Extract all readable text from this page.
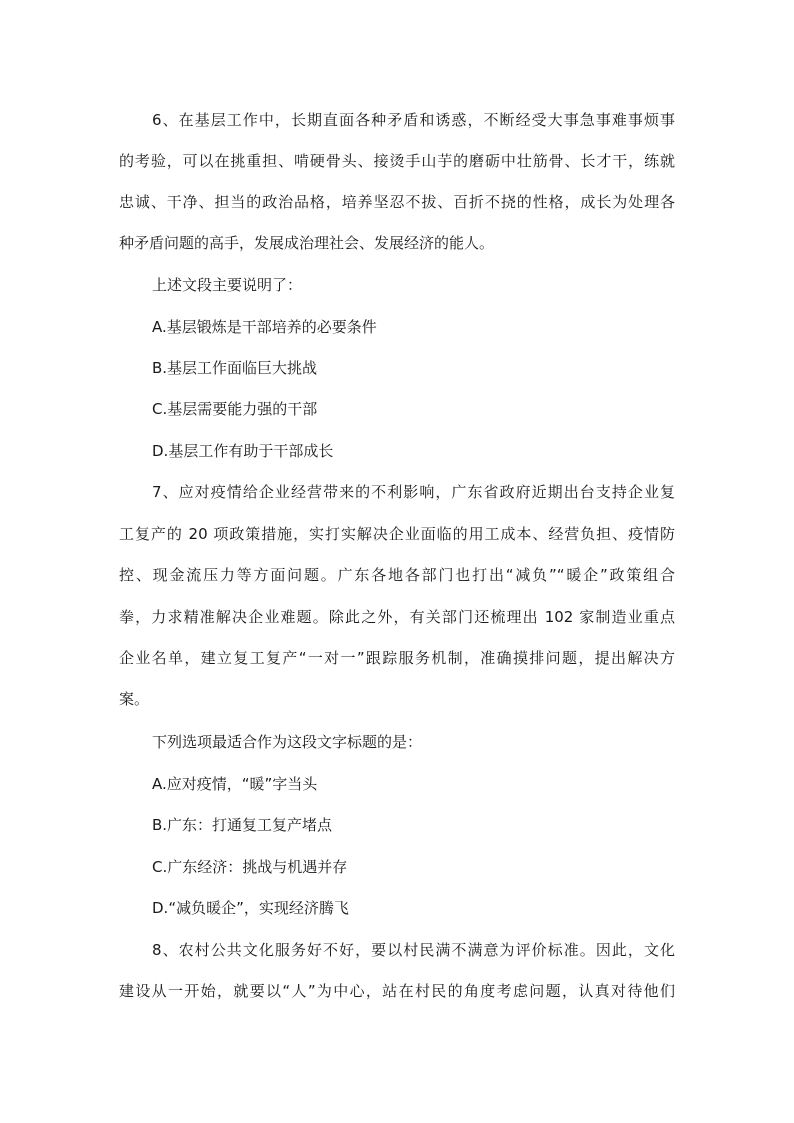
6、在基层工作中，长期直面各种矛盾和诱惑，不断经受大事急事难事烦事
的考验，可以在挑重担、啃硬骨头、接烫手山芋的磨砺中壮筋骨、长才干，练就
忠诚、干净、担当的政治品格，培养坚忍不拔、百折不挠的性格，成长为处理各
种矛盾问题的高手，发展成治理社会、发展经济的能人。
上述文段主要说明了：
A.基层锻炼是干部培养的必要条件
B.基层工作面临巨大挑战
C.基层需要能力强的干部
D.基层工作有助于干部成长
7、应对疫情给企业经营带来的不利影响，广东省政府近期出台支持企业复
工复产的 20 项政策措施，实打实解决企业面临的用工成本、经营负担、疫情防
控、现金流压力等方面问题。广东各地各部门也打出“减负”“暖企”政策组合
拳，力求精准解决企业难题。除此之外，有关部门还梳理出 102 家制造业重点
企业名单，建立复工复产“一对一”跟踪服务机制，准确摸排问题，提出解决方
案。
下列选项最适合作为这段文字标题的是：
A.应对疫情，“暖”字当头
B.广东：打通复工复产堵点
C.广东经济：挑战与机遇并存
D.“减负暖企”，实现经济腾飞
8、农村公共文化服务好不好，要以村民满不满意为评价标准。因此，文化
建设从一开始，就要以“人”为中心，站在村民的角度考虑问题，认真对待他们
